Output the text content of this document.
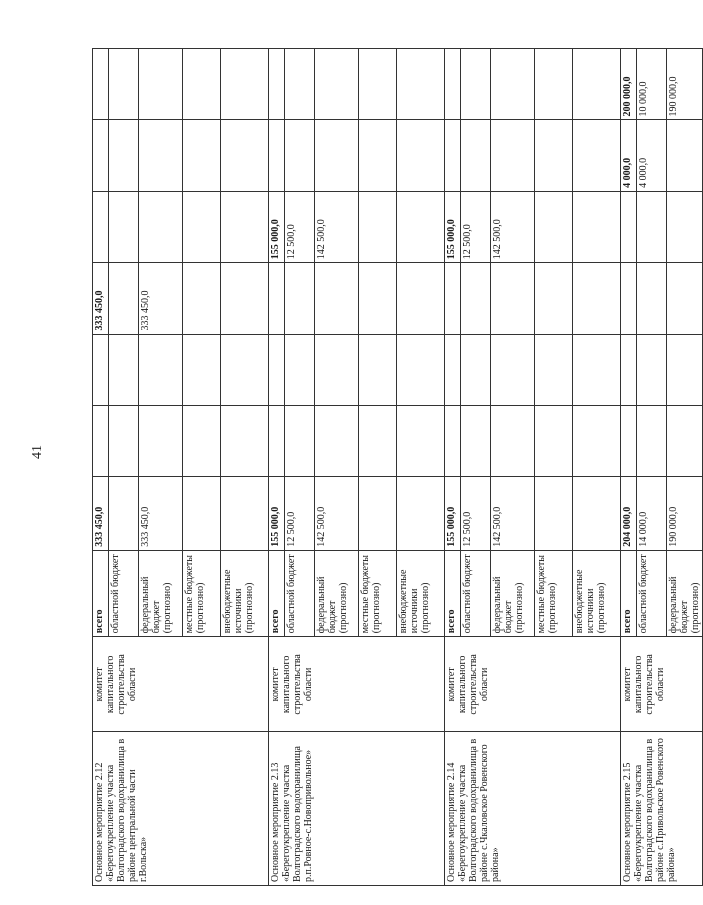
41
Основное мероприятие 2.12 «Берегоукрепление участка Волгоградского водохранилища в районе центральной части г.Вольска»	комитет капитального строительства области	всего	333 450,0			333 450,0			
		областной бюджет							
		федеральный бюджет (прогнозно)	333 450,0			333 450,0			
		местные бюджеты (прогнозно)							
		внебюджетные источники (прогнозно)							
Основное мероприятие 2.13 «Берегоукрепление участка Волгоградского водохранилища р.п.Ровное-с.Новопривольное»	комитет капитального строительства области	всего	155 000,0				155 000,0		
		областной бюджет	12 500,0				12 500,0		
		федеральный бюджет (прогнозно)	142 500,0				142 500,0		
		местные бюджеты (прогнозно)							
		внебюджетные источники (прогнозно)							
Основное мероприятие 2.14 «Берегоукрепление участка Волгоградского водохранилища в районе с.Чкаловское Ровенского района»	комитет капитального строительства области	всего	155 000,0				155 000,0		
		областной бюджет	12 500,0				12 500,0		
		федеральный бюджет (прогнозно)	142 500,0				142 500,0		
		местные бюджеты (прогнозно)							
		внебюджетные источники (прогнозно)							
Основное мероприятие 2.15 «Берегоукрепление участка Волгоградского водохранилища в районе с.Привольское Ровенского района»	комитет капитального строительства области	всего	204 000,0					4 000,0	200 000,0
		областной бюджет	14 000,0					4 000,0	10 000,0
		федеральный бюджет (прогнозно)	190 000,0						190 000,0
